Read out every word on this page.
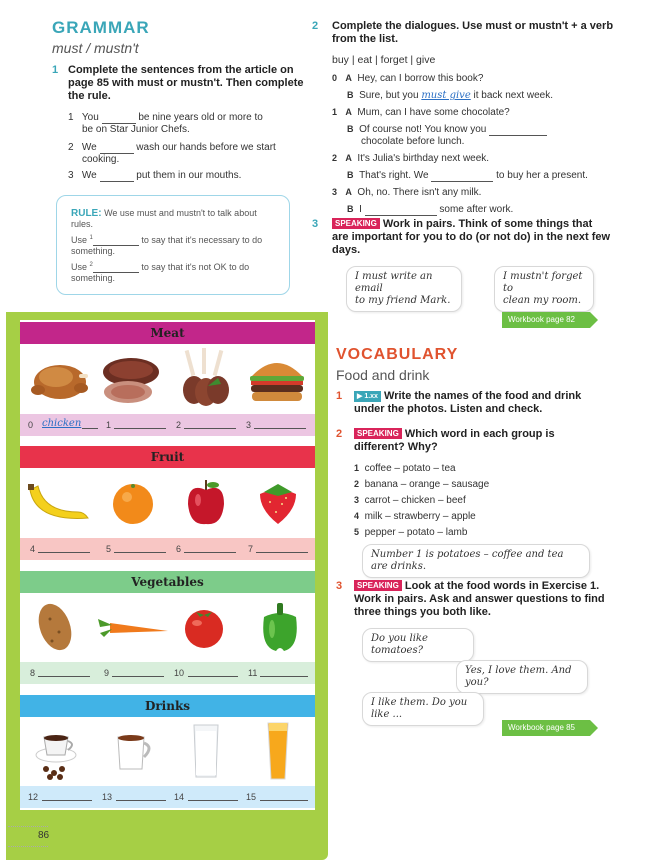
GRAMMAR
must / mustn't
1 Complete the sentences from the article on
page 85 with must or mustn't. Then complete
the rule.
1 You	be nine years old or more to
be on Star Junior Chefs.
2 We	wash our hands before we start
cooking.
3 We	put them in our mouths.
RULE: We use must and mustn't to talk about
rules.
Use $^1$	to say that it's necessary to do
something.
Use $^2$	to say that it's not OK to do
something.
Meat
0 chicken	1	2	3
Fruit
4	5	6	7
Vegetables
8	9	10	11
Drinks
12	13	14	15
86
2 Complete the dialogues. Use must or mustn't + a verb
from the list.
buy | eat | forget | give
0 A Hey, can I borrow this book?
B Sure, but you must give it back next week.
1 A Mum, can I have some chocolate?
B Of course not! You know you
chocolate before lunch.
2 A It's Julia's birthday next week.
B That's right. We	to buy her a present.
3 A Oh, no. There isn't any milk.
B I	some after work.
3	SPEAKING Work in pairs. Think of some things that
are important for you to do (or not do) in the next few
days.
I must write an email
to my friend Mark.
I mustn't forget to
clean my room.
Workbook page 82
VOCABULARY
Food and drink
1	▶ 1.xx Write the names of the food and drink
under the photos. Listen and check.
2	SPEAKING Which word in each group is
different? Why?
1 coffee – potato – tea
2 banana – orange – sausage
3 carrot – chicken – beef
4 milk – strawberry – apple
5 pepper – potato – lamb
Number 1 is potatoes – coffee and tea are drinks.
3	SPEAKING Look at the food words in Exercise 1.
Work in pairs. Ask and answer questions to find
three things you both like.
Do you like tomatoes?
Yes, I love them. And you?
I like them. Do you like ...
Workbook page 85
